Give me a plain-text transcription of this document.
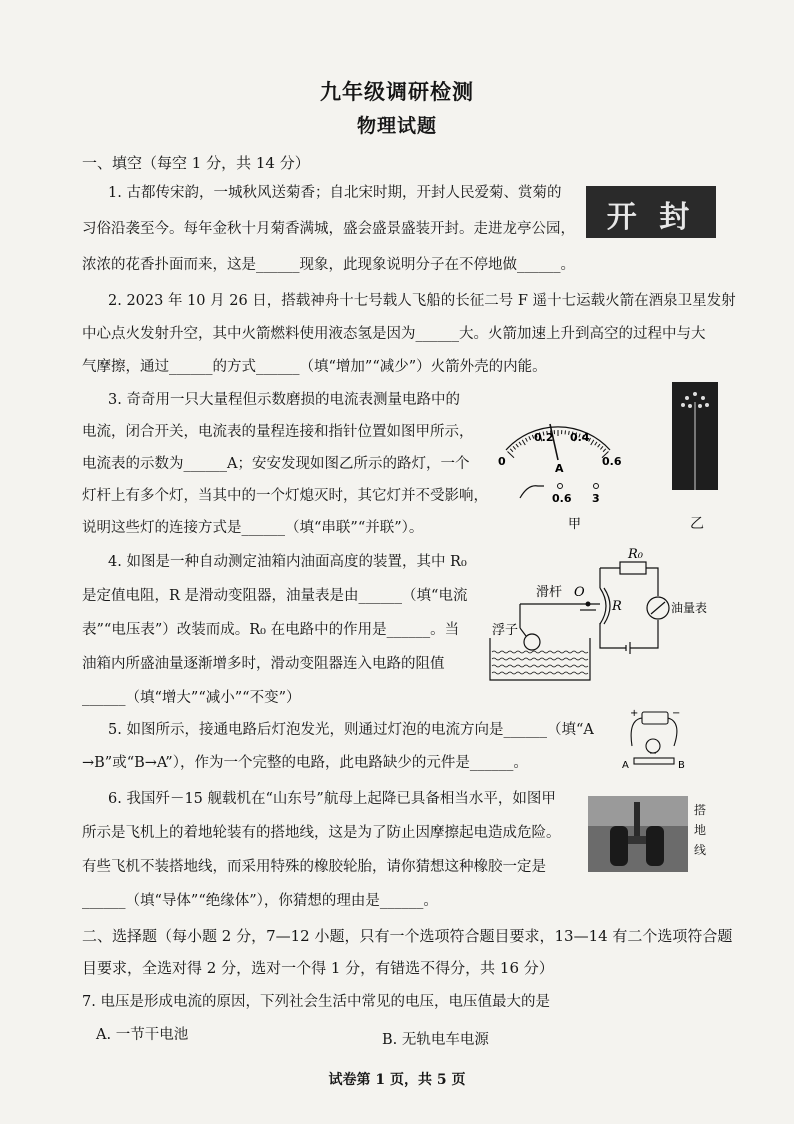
九年级调研检测
物理试题
一、填空（每空 1 分，共 14 分）
1. 古都传宋韵，一城秋风送菊香；自北宋时期，开封人民爱菊、赏菊的
习俗沿袭至今。每年金秋十月菊香满城，盛会盛景盛装开封。走进龙亭公园，
浓浓的花香扑面而来，这是______现象，此现象说明分子在不停地做______。
开 封
2. 2023 年 10 月 26 日，搭载神舟十七号载人飞船的长征二号 F 遥十七运载火箭在酒泉卫星发射
中心点火发射升空，其中火箭燃料使用液态氢是因为______大。火箭加速上升到高空的过程中与大
气摩擦，通过______的方式______（填“增加”“减少”）火箭外壳的内能。
3. 奇奇用一只大量程但示数磨损的电流表测量电路中的
电流，闭合开关，电流表的量程连接和指针位置如图甲所示，
电流表的示数为______A；安安发现如图乙所示的路灯，一个
灯杆上有多个灯，当其中的一个灯熄灭时，其它灯并不受影响，
说明这些灯的连接方式是______（填“串联”“并联”）。
0
0.2 0.4
0.6
A
0.6 3
甲	乙
4. 如图是一种自动测定油箱内油面高度的装置，其中 R₀
是定值电阻，R 是滑动变阻器，油量表是由______（填“电流
表”“电压表”）改装而成。R₀ 在电路中的作用是______。当
油箱内所盛油量逐渐增多时，滑动变阻器连入电路的阻值
______（填“增大”“减小”“不变”）
R₀
滑杆 O
R	油量表
浮子
5. 如图所示，接通电路后灯泡发光，则通过灯泡的电流方向是______（填“A
→B”或“B→A”），作为一个完整的电路，此电路缺少的元件是______。
+	−
A	B
6. 我国歼－15 舰载机在“山东号”航母上起降已具备相当水平，如图甲
所示是飞机上的着地轮装有的搭地线，这是为了防止因摩擦起电造成危险。
有些飞机不装搭地线，而采用特殊的橡胶轮胎，请你猜想这种橡胶一定是
______（填“导体”“绝缘体”），你猜想的理由是______。
搭
地
线
二、选择题（每小题 2 分，7—12 小题，只有一个选项符合题目要求，13—14 有二个选项符合题
目要求，全选对得 2 分，选对一个得 1 分，有错选不得分，共 16 分）
7. 电压是形成电流的原因，下列社会生活中常见的电压，电压值最大的是
A. 一节干电池	B. 无轨电车电源
试卷第 1 页，共 5 页
